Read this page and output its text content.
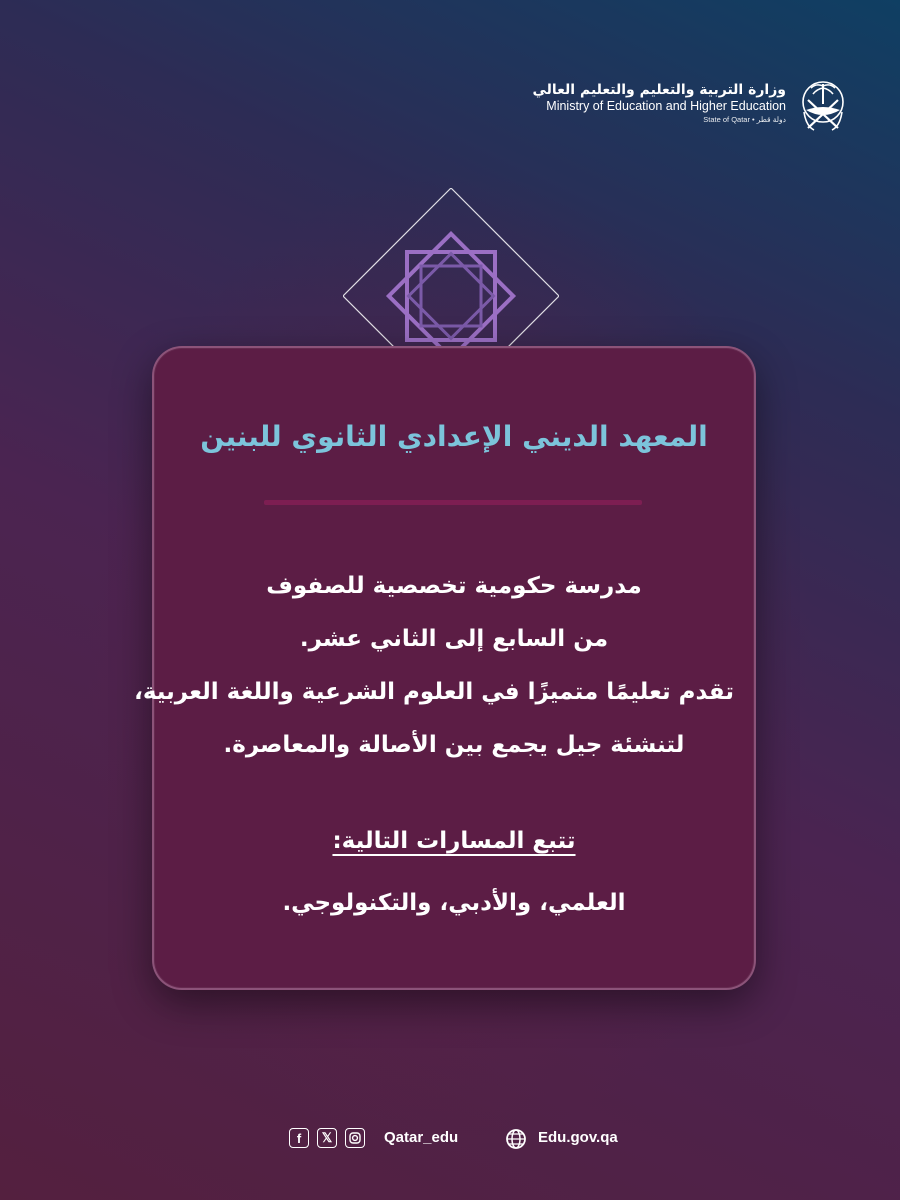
وزارة التربية والتعليم والتعليم العالي
Ministry of Education and Higher Education
State of Qatar • دولة قطر
المعهد الديني الإعدادي الثانوي للبنين
مدرسة حكومية تخصصية للصفوف
من السابع إلى الثاني عشر.
تقدم تعليمًا متميزًا في العلوم الشرعية واللغة العربية،
لتنشئة جيل يجمع بين الأصالة والمعاصرة.
تتبع المسارات التالية:
العلمي، والأدبي، والتكنولوجي.
f	𝕏	Qatar_edu	Edu.gov.qa
